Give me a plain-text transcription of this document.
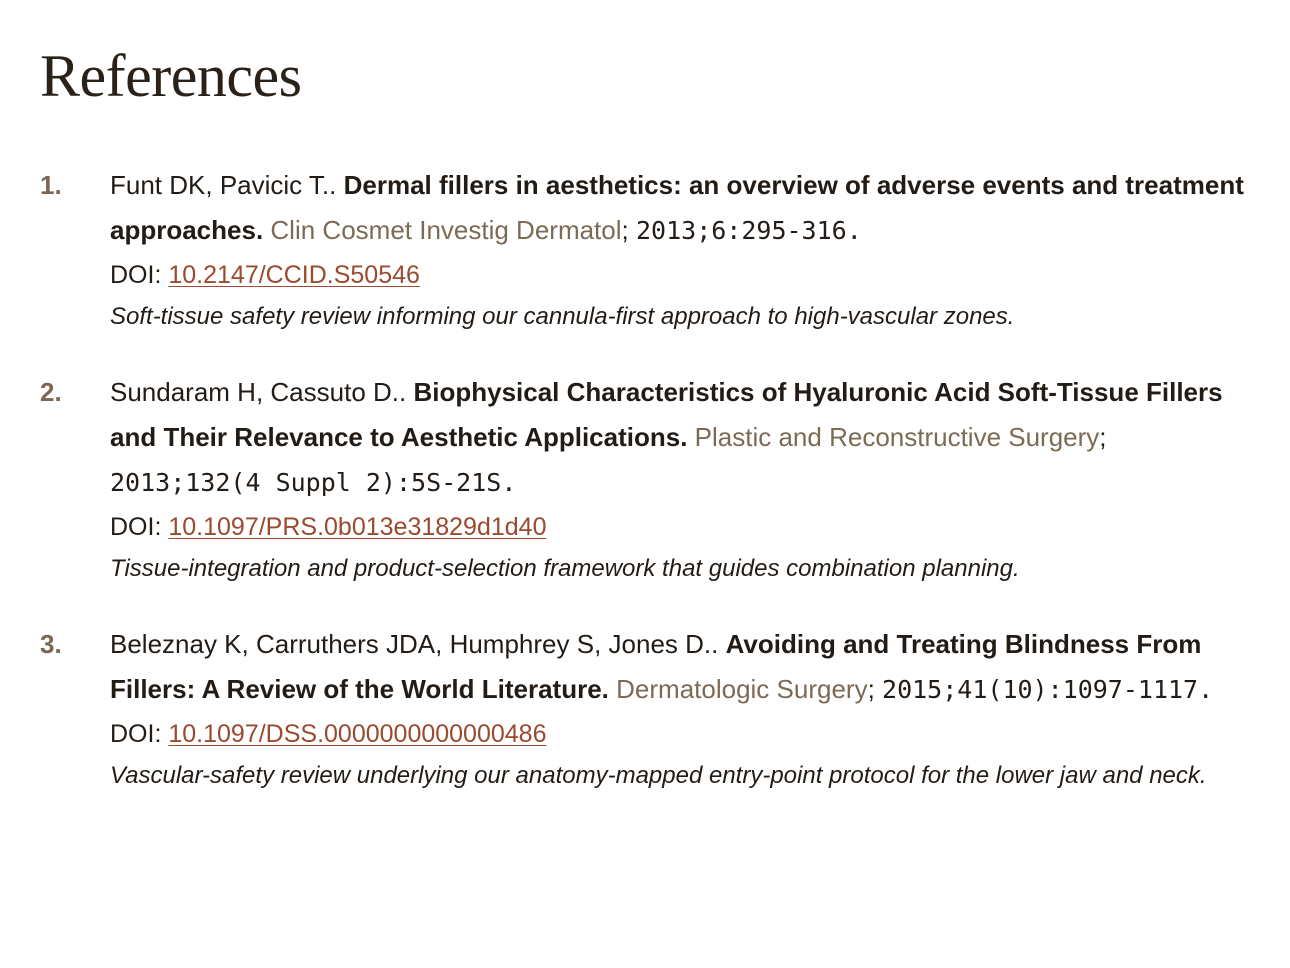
References
1. Funt DK, Pavicic T.. Dermal fillers in aesthetics: an overview of adverse events and treatment approaches. Clin Cosmet Investig Dermatol; 2013;6:295-316.

DOI: 10.2147/CCID.S50546

Soft-tissue safety review informing our cannula-first approach to high-vascular zones.

2. Sundaram H, Cassuto D.. Biophysical Characteristics of Hyaluronic Acid Soft-Tissue Fillers and Their Relevance to Aesthetic Applications. Plastic and Reconstructive Surgery; 2013;132(4 Suppl 2):5S-21S.

DOI: 10.1097/PRS.0b013e31829d1d40

Tissue-integration and product-selection framework that guides combination planning.

3. Beleznay K, Carruthers JDA, Humphrey S, Jones D.. Avoiding and Treating Blindness From Fillers: A Review of the World Literature. Dermatologic Surgery; 2015;41(10):1097-1117.

DOI: 10.1097/DSS.0000000000000486

Vascular-safety review underlying our anatomy-mapped entry-point protocol for the lower jaw and neck.
